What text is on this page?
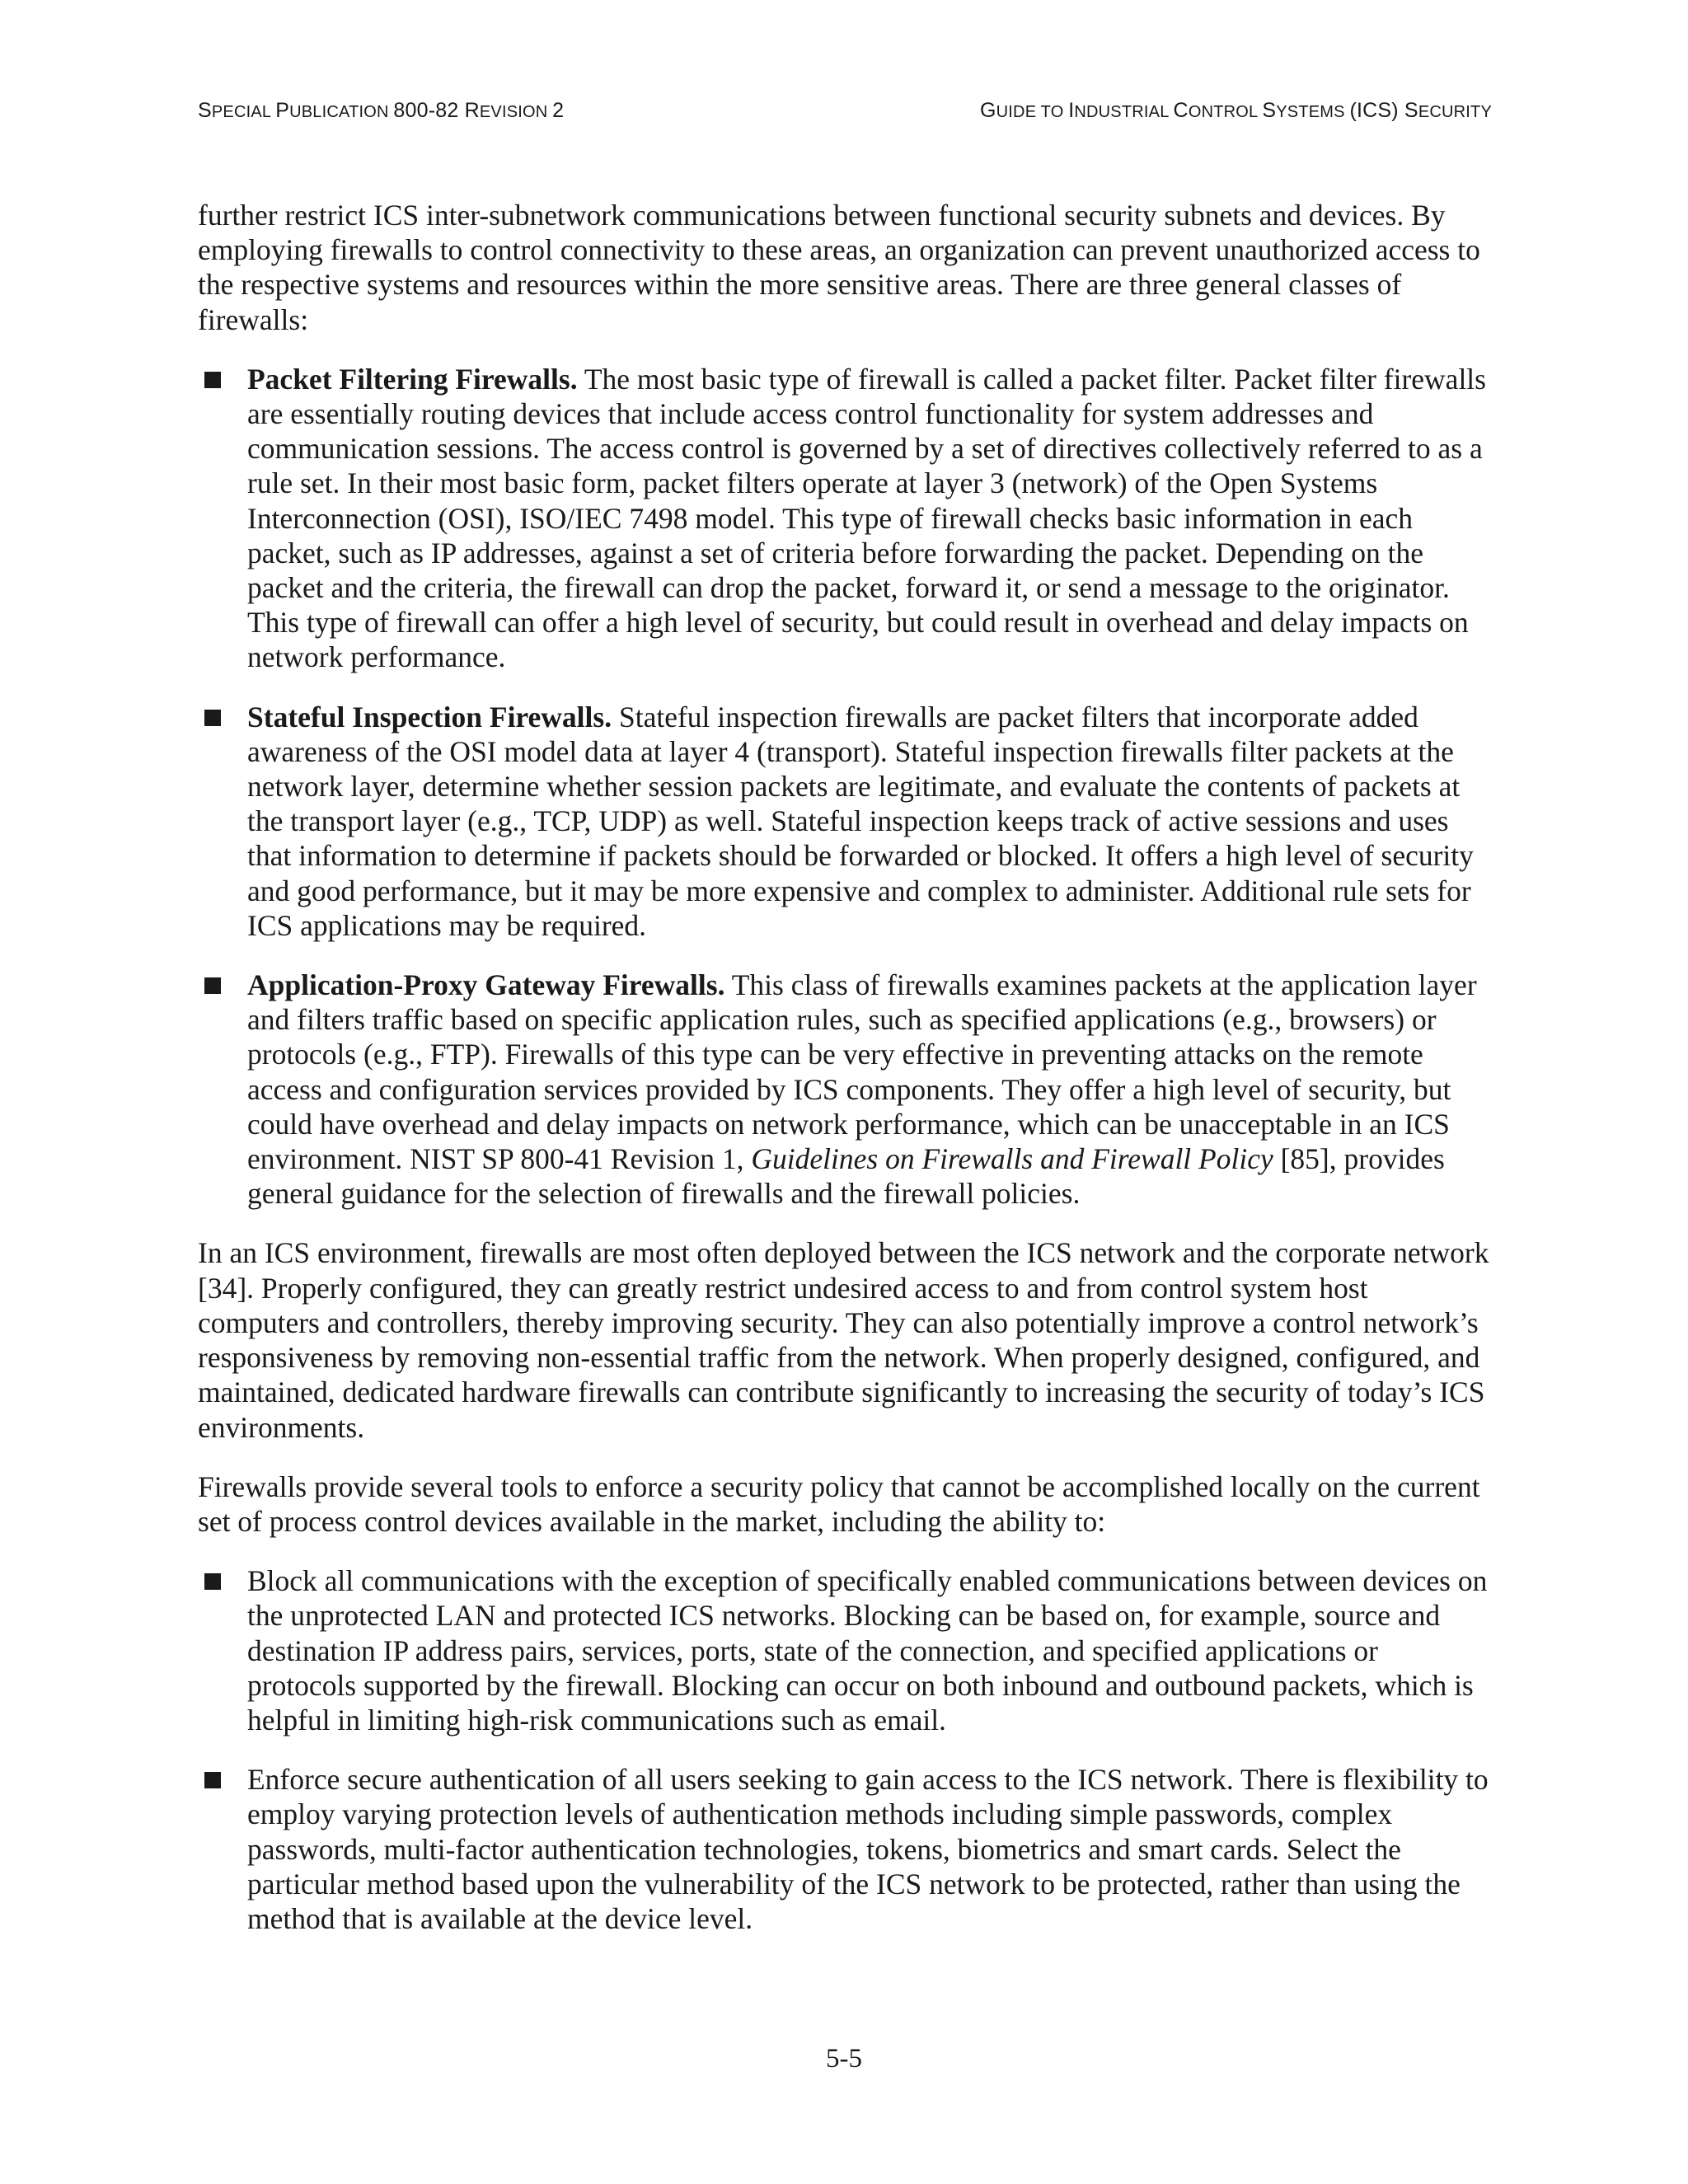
SPECIAL PUBLICATION 800-82 REVISION 2	GUIDE TO INDUSTRIAL CONTROL SYSTEMS (ICS) SECURITY

further restrict ICS inter-subnetwork communications between functional security subnets and devices. By employing firewalls to control connectivity to these areas, an organization can prevent unauthorized access to the respective systems and resources within the more sensitive areas. There are three general classes of firewalls:

Packet Filtering Firewalls. The most basic type of firewall is called a packet filter. Packet filter firewalls are essentially routing devices that include access control functionality for system addresses and communication sessions. The access control is governed by a set of directives collectively referred to as a rule set. In their most basic form, packet filters operate at layer 3 (network) of the Open Systems Interconnection (OSI), ISO/IEC 7498 model. This type of firewall checks basic information in each packet, such as IP addresses, against a set of criteria before forwarding the packet. Depending on the packet and the criteria, the firewall can drop the packet, forward it, or send a message to the originator. This type of firewall can offer a high level of security, but could result in overhead and delay impacts on network performance.
Stateful Inspection Firewalls. Stateful inspection firewalls are packet filters that incorporate added awareness of the OSI model data at layer 4 (transport). Stateful inspection firewalls filter packets at the network layer, determine whether session packets are legitimate, and evaluate the contents of packets at the transport layer (e.g., TCP, UDP) as well. Stateful inspection keeps track of active sessions and uses that information to determine if packets should be forwarded or blocked. It offers a high level of security and good performance, but it may be more expensive and complex to administer. Additional rule sets for ICS applications may be required.
Application-Proxy Gateway Firewalls. This class of firewalls examines packets at the application layer and filters traffic based on specific application rules, such as specified applications (e.g., browsers) or protocols (e.g., FTP). Firewalls of this type can be very effective in preventing attacks on the remote access and configuration services provided by ICS components. They offer a high level of security, but could have overhead and delay impacts on network performance, which can be unacceptable in an ICS environment. NIST SP 800-41 Revision 1, Guidelines on Firewalls and Firewall Policy [85], provides general guidance for the selection of firewalls and the firewall policies.

In an ICS environment, firewalls are most often deployed between the ICS network and the corporate network [34]. Properly configured, they can greatly restrict undesired access to and from control system host computers and controllers, thereby improving security. They can also potentially improve a control network’s responsiveness by removing non-essential traffic from the network. When properly designed, configured, and maintained, dedicated hardware firewalls can contribute significantly to increasing the security of today’s ICS environments.

Firewalls provide several tools to enforce a security policy that cannot be accomplished locally on the current set of process control devices available in the market, including the ability to:

Block all communications with the exception of specifically enabled communications between devices on the unprotected LAN and protected ICS networks. Blocking can be based on, for example, source and destination IP address pairs, services, ports, state of the connection, and specified applications or protocols supported by the firewall. Blocking can occur on both inbound and outbound packets, which is helpful in limiting high-risk communications such as email.
Enforce secure authentication of all users seeking to gain access to the ICS network. There is flexibility to employ varying protection levels of authentication methods including simple passwords, complex passwords, multi-factor authentication technologies, tokens, biometrics and smart cards. Select the particular method based upon the vulnerability of the ICS network to be protected, rather than using the method that is available at the device level.
5-5
